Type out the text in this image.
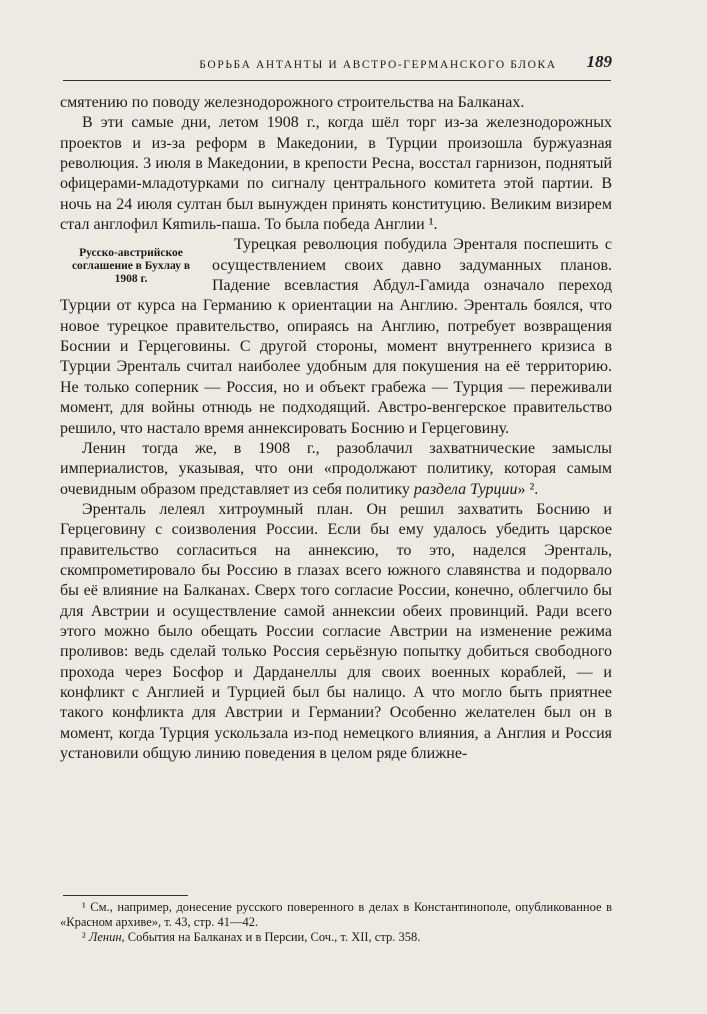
БОРЬБА АНТАНТЫ И АВСТРО-ГЕРМАНСКОГО БЛОКА	189

смятению по поводу железнодорожного строительства на Балканах.

В эти самые дни, летом 1908 г., когда шёл торг из-за железнодорожных проектов и из-за реформ в Македонии, в Турции произошла буржуазная революция. 3 июля в Македонии, в крепости Ресна, восстал гарнизон, поднятый офицерами-младотурками по сигналу центрального комитета этой партии. В ночь на 24 июля султан был вынужден принять конституцию. Великим визирем стал англофил Кяmиль-паша. То была победа Англии ¹.

Русско-австрийское соглашение в Бухлау в 1908 г.

Турецкая революция побудила Эренталя поспешить с осуществлением своих давно задуманных планов. Падение всевластия Абдул-Гамида означало переход Турции от курса на Германию к ориентации на Англию. Эренталь боялся, что новое турецкое правительство, опираясь на Англию, потребует возвращения Боснии и Герцеговины. С другой стороны, момент внутреннего кризиса в Турции Эренталь считал наиболее удобным для покушения на её территорию. Не только соперник — Россия, но и объект грабежа — Турция — переживали момент, для войны отнюдь не подходящий. Австро-венгерское правительство решило, что настало время аннексировать Боснию и Герцеговину.

Ленин тогда же, в 1908 г., разоблачил захватнические замыслы империалистов, указывая, что они «продолжают политику, которая самым очевидным образом представляет из себя политику раздела Турции» ².

Эренталь лелеял хитроумный план. Он решил захватить Боснию и Герцеговину с соизволения России. Если бы ему удалось убедить царское правительство согласиться на аннексию, то это, наделся Эренталь, скомпрометировало бы Россию в глазах всего южного славянства и подорвало бы её влияние на Балканах. Сверх того согласие России, конечно, облегчило бы для Австрии и осуществление самой аннексии обеих провинций. Ради всего этого можно было обещать России согласие Австрии на изменение режима проливов: ведь сделай только Россия серьёзную попытку добиться свободного прохода через Босфор и Дарданеллы для своих военных кораблей, — и конфликт с Англией и Турцией был бы налицо. А что могло быть приятнее такого конфликта для Австрии и Германии? Особенно желателен был он в момент, когда Турция ускользала из-под немецкого влияния, а Англия и Россия установили общую линию поведения в целом ряде ближне-

¹ См., например, донесение русского поверенного в делах в Константинополе, опубликованное в «Красном архиве», т. 43, стр. 41—42.

² Ленин, События на Балканах и в Персии, Соч., т. XII, стр. 358.
